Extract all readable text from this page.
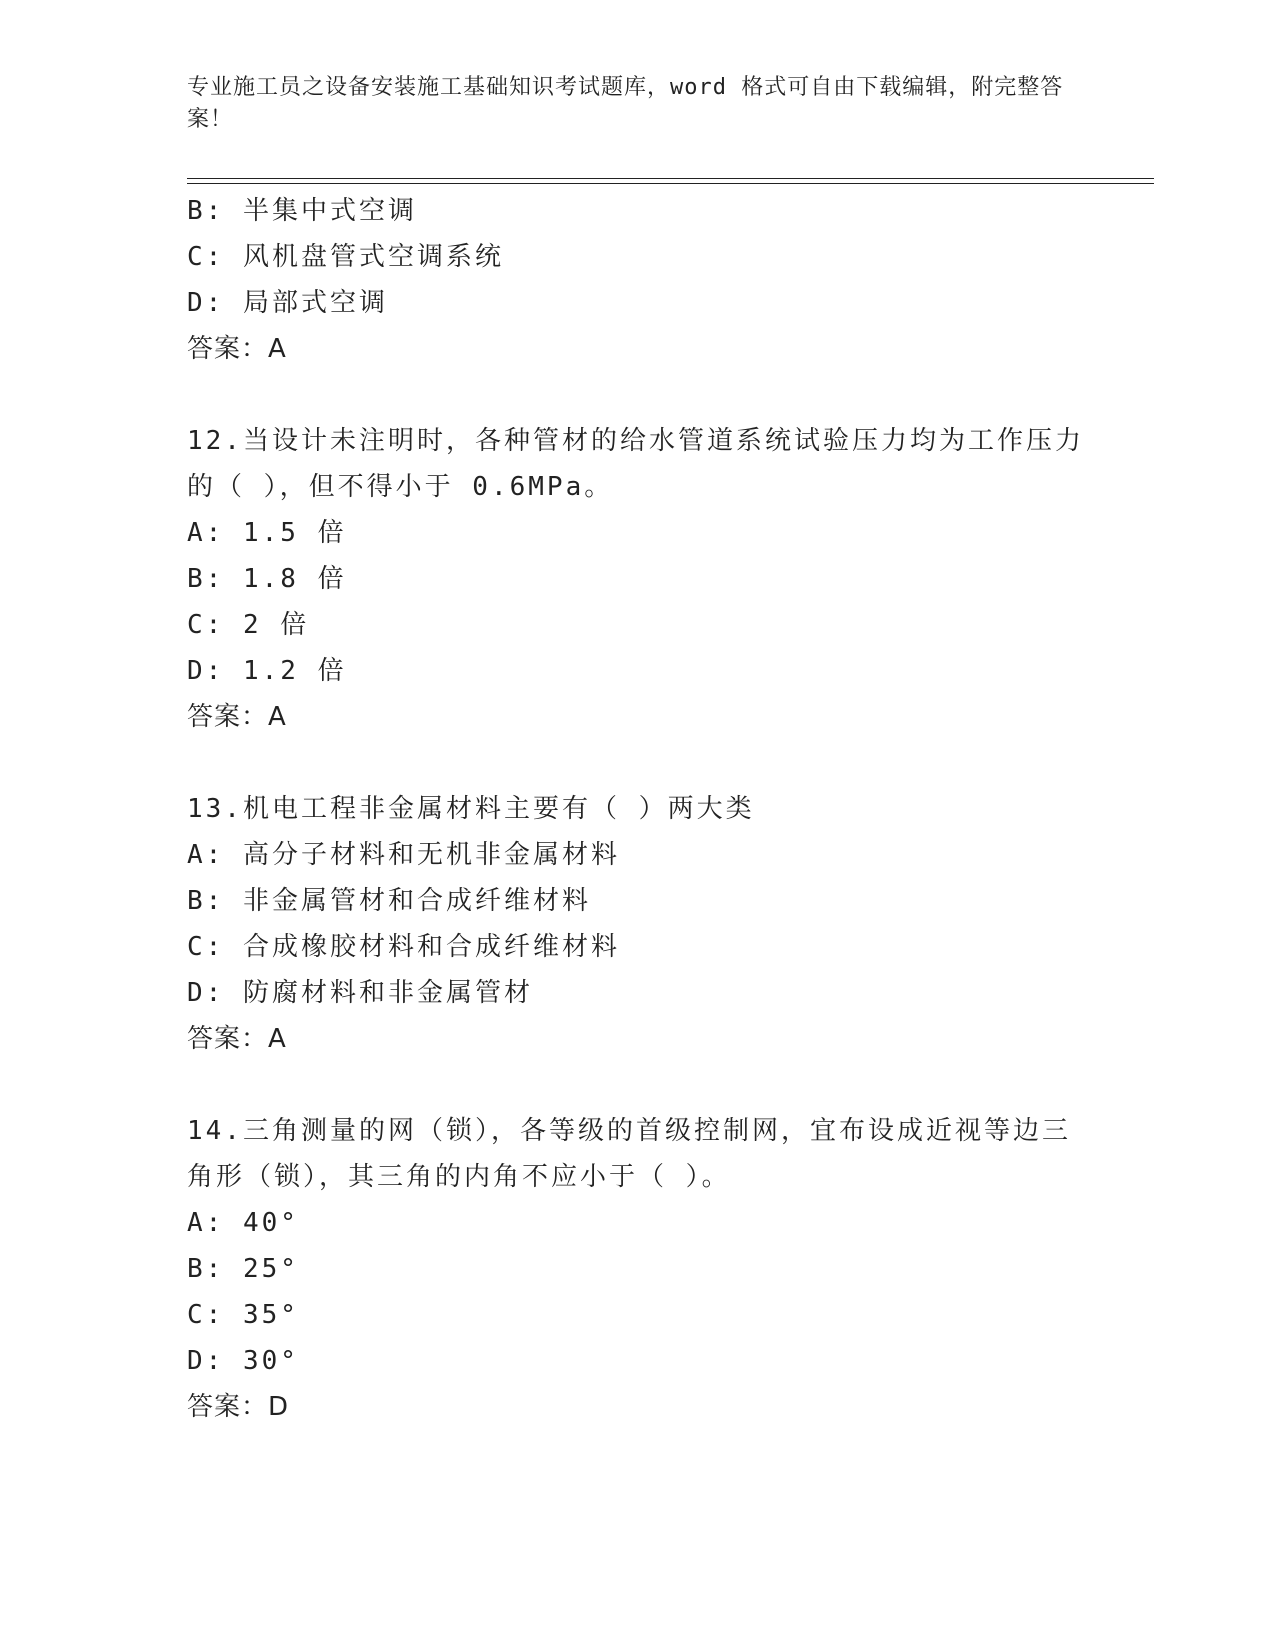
专业施工员之设备安装施工基础知识考试题库，word 格式可自由下载编辑，附完整答案！
B: 半集中式空调
C: 风机盘管式空调系统
D: 局部式空调
答案：A
12.当设计未注明时，各种管材的给水管道系统试验压力均为工作压力的（ ），但不得小于 0.6MPa。
A: 1.5 倍
B: 1.8 倍
C: 2 倍
D: 1.2 倍
答案：A
13.机电工程非金属材料主要有（ ）两大类
A: 高分子材料和无机非金属材料
B: 非金属管材和合成纤维材料
C: 合成橡胶材料和合成纤维材料
D: 防腐材料和非金属管材
答案：A
14.三角测量的网（锁），各等级的首级控制网，宜布设成近视等边三角形（锁），其三角的内角不应小于（ ）。
A: 40°
B: 25°
C: 35°
D: 30°
答案：D
